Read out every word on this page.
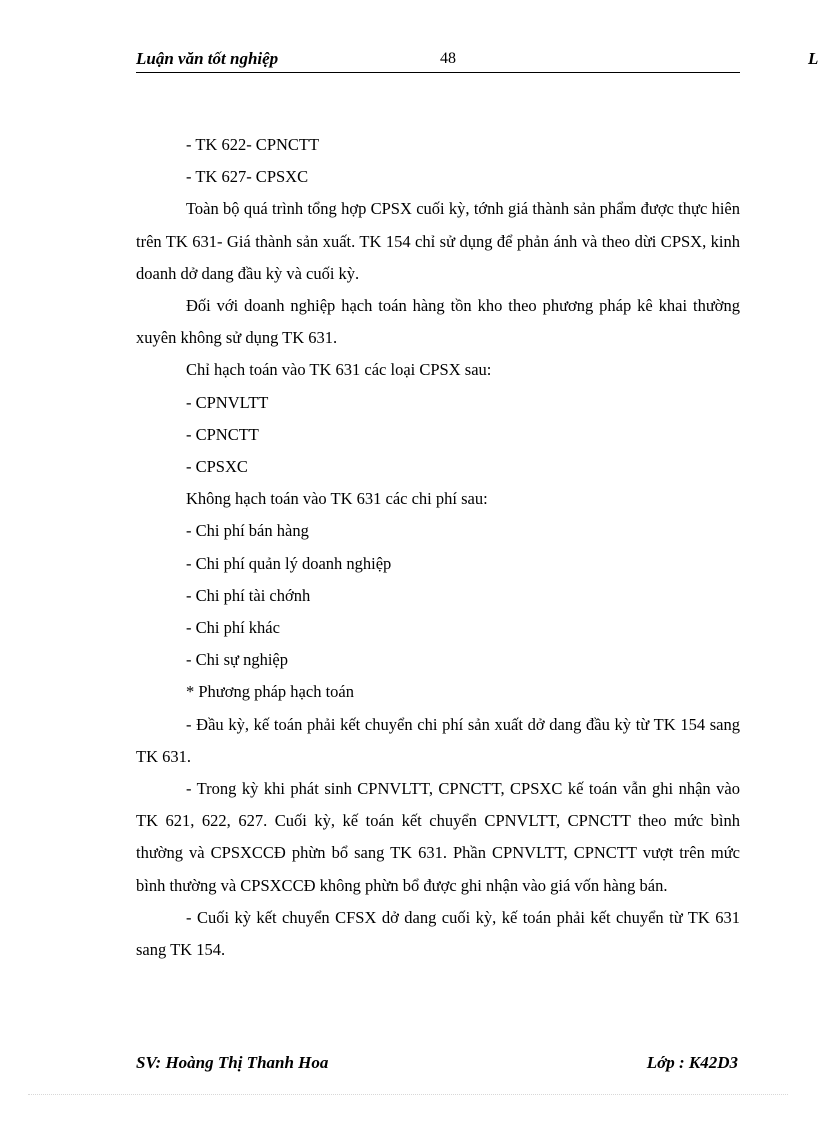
Luận văn tốt nghiệp	48	L

- TK 622- CPNCTT

- TK 627- CPSXC

Toàn bộ quá trình tổng hợp CPSX cuối kỳ, tớnh giá thành sản phẩm được thực hiên trên TK 631- Giá thành sản xuất. TK 154 chỉ sử dụng để phản ánh và theo dừi CPSX, kinh doanh dở dang đầu kỳ và cuối kỳ.

Đối với doanh nghiệp hạch toán hàng tồn kho theo phương pháp kê khai thường xuyên không sử dụng TK 631.

Chỉ hạch toán vào TK 631 các loại CPSX sau:

- CPNVLTT

- CPNCTT

- CPSXC

Không hạch toán vào TK 631 các chi phí sau:

- Chi phí bán hàng

- Chi phí quản lý doanh nghiệp

- Chi phí tài chớnh

- Chi phí khác

- Chi sự nghiệp

* Phương pháp hạch toán

- Đầu kỳ, kế toán phải kết chuyển chi phí sản xuất dở dang đầu kỳ từ TK 154 sang TK 631.

- Trong kỳ khi phát sinh CPNVLTT, CPNCTT, CPSXC kế toán vẫn ghi nhận vào TK 621, 622, 627. Cuối kỳ, kế toán kết chuyển CPNVLTT, CPNCTT theo mức bình thường và CPSXCCĐ phừn bổ sang TK 631. Phần CPNVLTT, CPNCTT vượt trên mức bình thường và CPSXCCĐ không phừn bổ được ghi nhận vào giá vốn hàng bán.

- Cuối kỳ kết chuyển CFSX dở dang cuối kỳ, kế toán phải kết chuyển từ TK 631 sang TK 154.

SV: Hoàng Thị Thanh Hoa	Lớp : K42D3
